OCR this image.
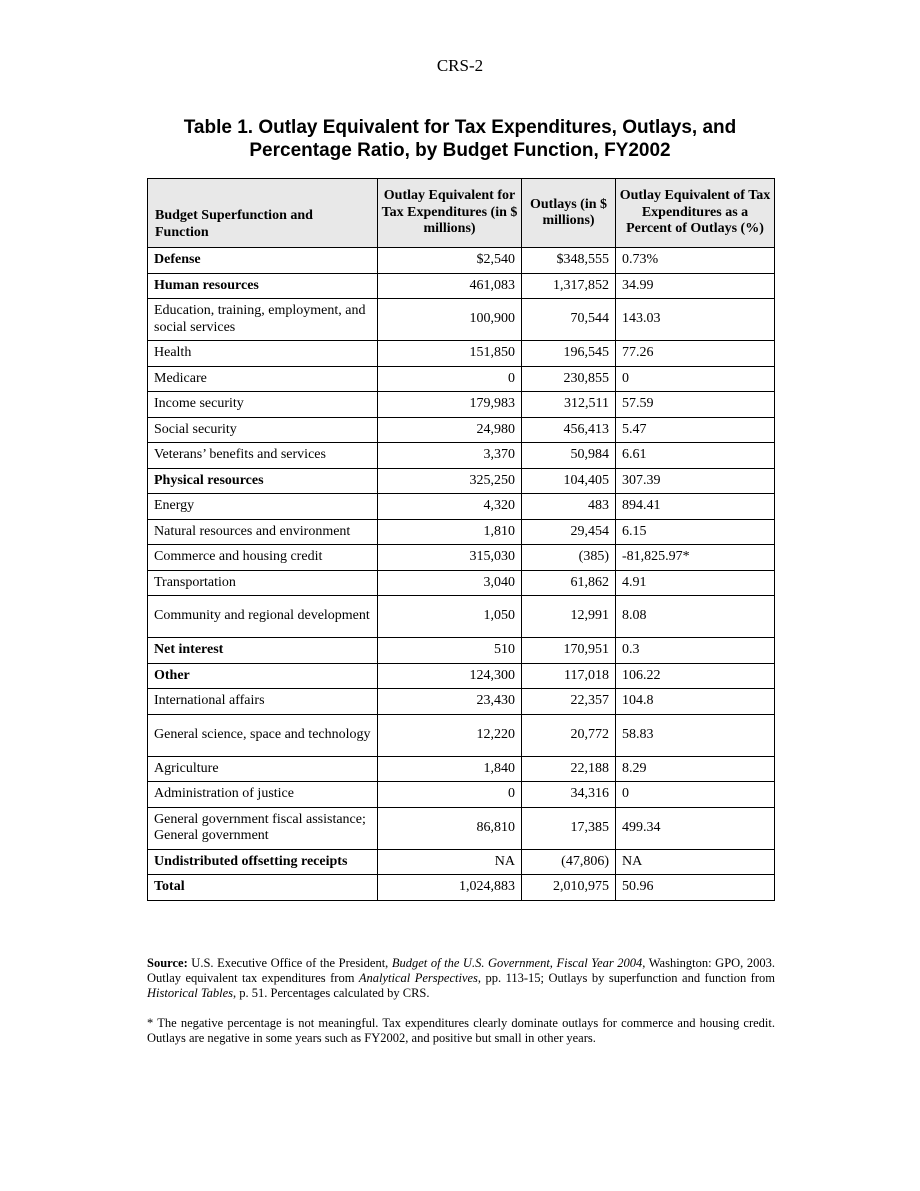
CRS-2
Table 1. Outlay Equivalent for Tax Expenditures, Outlays, and
Percentage Ratio, by Budget Function, FY2002
Budget Superfunction and Function	Outlay Equivalent for Tax Expenditures (in $ millions)	Outlays (in $ millions)	Outlay Equivalent of Tax Expenditures as a Percent of Outlays (%)
Defense	$2,540	$348,555	0.73%
Human resources	461,083	1,317,852	34.99
Education, training, employment, and social services	100,900	70,544	143.03
Health	151,850	196,545	77.26
Medicare	0	230,855	0
Income security	179,983	312,511	57.59
Social security	24,980	456,413	5.47
Veterans’ benefits and services	3,370	50,984	6.61
Physical resources	325,250	104,405	307.39
Energy	4,320	483	894.41
Natural resources and environment	1,810	29,454	6.15
Commerce and housing credit	315,030	(385)	-81,825.97*
Transportation	3,040	61,862	4.91
Community and regional development	1,050	12,991	8.08
Net interest	510	170,951	0.3
Other	124,300	117,018	106.22
International affairs	23,430	22,357	104.8
General science, space and technology	12,220	20,772	58.83
Agriculture	1,840	22,188	8.29
Administration of justice	0	34,316	0
General government fiscal assistance; General government	86,810	17,385	499.34
Undistributed offsetting receipts	NA	(47,806)	NA
Total	1,024,883	2,010,975	50.96
Source: U.S. Executive Office of the President, Budget of the U.S. Government, Fiscal Year 2004, Washington: GPO, 2003. Outlay equivalent tax expenditures from Analytical Perspectives, pp. 113-15; Outlays by superfunction and function from Historical Tables, p. 51. Percentages calculated by CRS.
* The negative percentage is not meaningful. Tax expenditures clearly dominate outlays for commerce and housing credit. Outlays are negative in some years such as FY2002, and positive but small in other years.
